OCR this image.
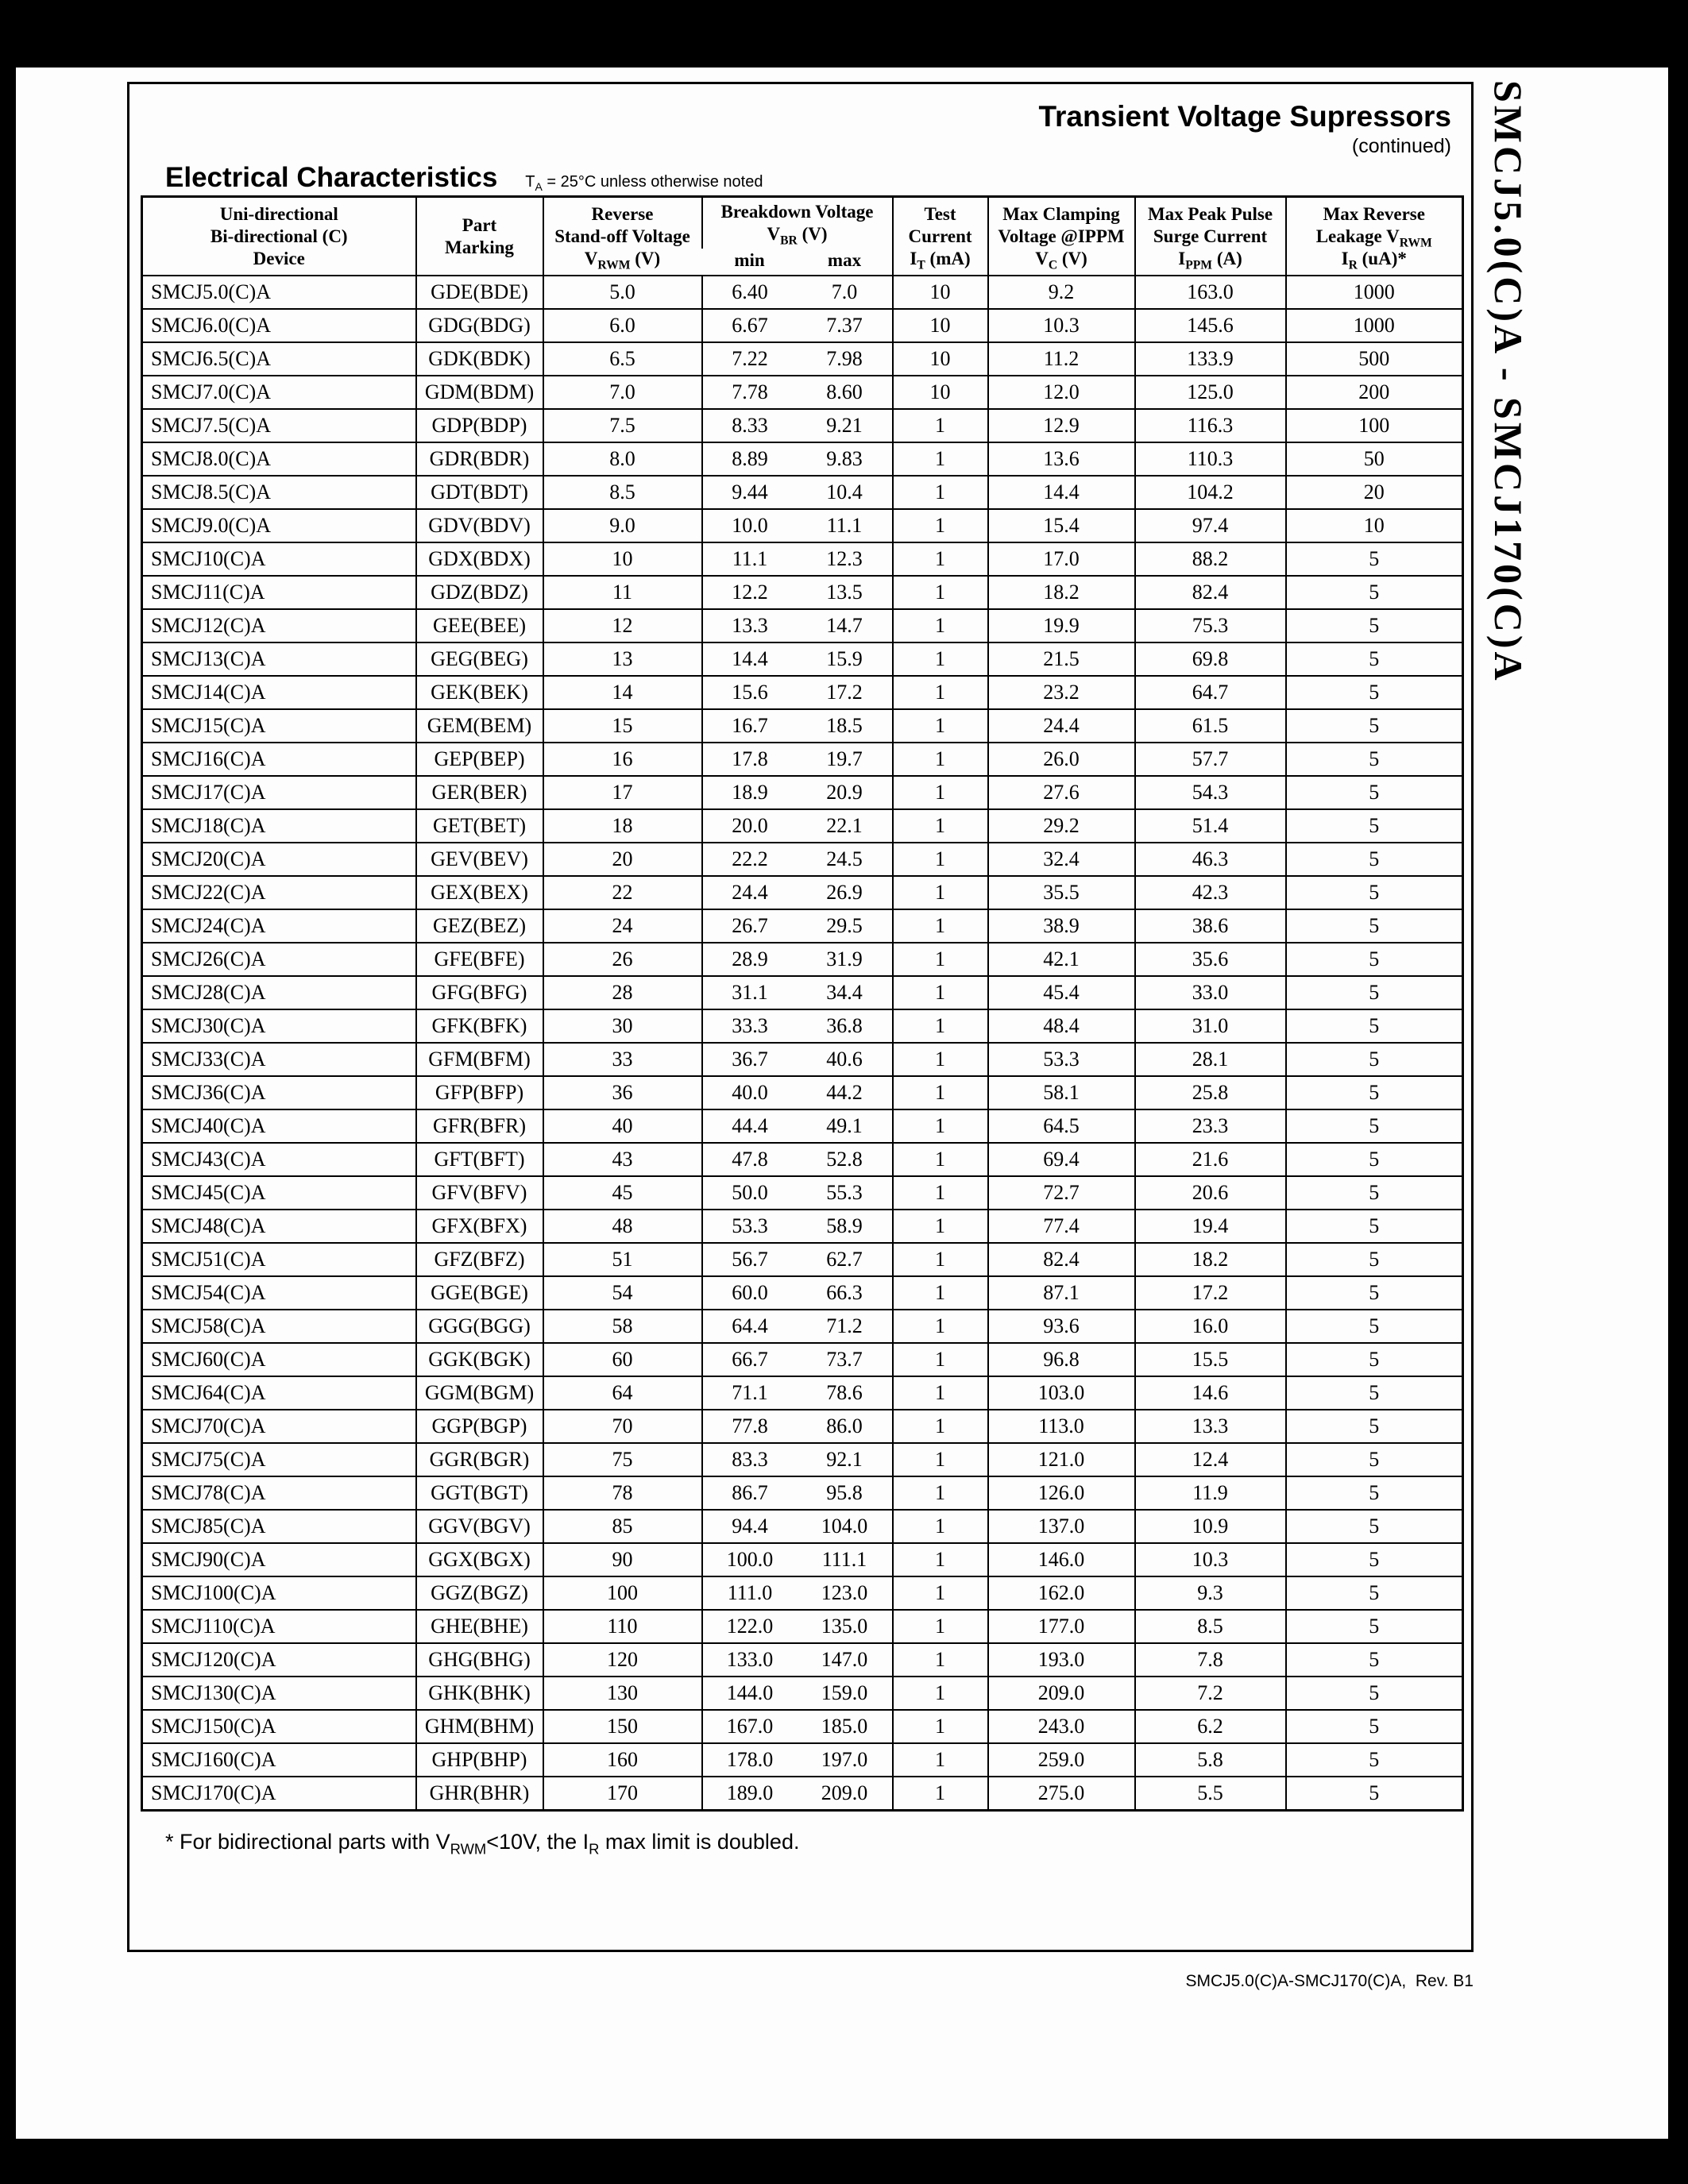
Transient Voltage Supressors
(continued)
Electrical Characteristics $T_A = 25^\circ C$ unless otherwise noted
Uni-directional
Bi-directional (C)
Device

Part
Marking

Reverse
Stand-off Voltage
$V_{RWM}$ (V)

Breakdown Voltage
$V_{BR}$ (V)

Test
Current
$I_T$ (mA)

Max Clamping
Voltage @IPPM
$V_C$ (V)

Max Peak Pulse
Surge Current
$I_{PPM}$ (A)

Max Reverse
Leakage $V_{RWM}$
$I_R$ (uA)*

			min	max				
SMCJ5.0(C)A	GDE(BDE)	5.0	6.40	7.0	10	9.2	163.0	1000
SMCJ6.0(C)A	GDG(BDG)	6.0	6.67	7.37	10	10.3	145.6	1000
SMCJ6.5(C)A	GDK(BDK)	6.5	7.22	7.98	10	11.2	133.9	500
SMCJ7.0(C)A	GDM(BDM)	7.0	7.78	8.60	10	12.0	125.0	200
SMCJ7.5(C)A	GDP(BDP)	7.5	8.33	9.21	1	12.9	116.3	100
SMCJ8.0(C)A	GDR(BDR)	8.0	8.89	9.83	1	13.6	110.3	50
SMCJ8.5(C)A	GDT(BDT)	8.5	9.44	10.4	1	14.4	104.2	20
SMCJ9.0(C)A	GDV(BDV)	9.0	10.0	11.1	1	15.4	97.4	10
SMCJ10(C)A	GDX(BDX)	10	11.1	12.3	1	17.0	88.2	5
SMCJ11(C)A	GDZ(BDZ)	11	12.2	13.5	1	18.2	82.4	5
SMCJ12(C)A	GEE(BEE)	12	13.3	14.7	1	19.9	75.3	5
SMCJ13(C)A	GEG(BEG)	13	14.4	15.9	1	21.5	69.8	5
SMCJ14(C)A	GEK(BEK)	14	15.6	17.2	1	23.2	64.7	5
SMCJ15(C)A	GEM(BEM)	15	16.7	18.5	1	24.4	61.5	5
SMCJ16(C)A	GEP(BEP)	16	17.8	19.7	1	26.0	57.7	5
SMCJ17(C)A	GER(BER)	17	18.9	20.9	1	27.6	54.3	5
SMCJ18(C)A	GET(BET)	18	20.0	22.1	1	29.2	51.4	5
SMCJ20(C)A	GEV(BEV)	20	22.2	24.5	1	32.4	46.3	5
SMCJ22(C)A	GEX(BEX)	22	24.4	26.9	1	35.5	42.3	5
SMCJ24(C)A	GEZ(BEZ)	24	26.7	29.5	1	38.9	38.6	5
SMCJ26(C)A	GFE(BFE)	26	28.9	31.9	1	42.1	35.6	5
SMCJ28(C)A	GFG(BFG)	28	31.1	34.4	1	45.4	33.0	5
SMCJ30(C)A	GFK(BFK)	30	33.3	36.8	1	48.4	31.0	5
SMCJ33(C)A	GFM(BFM)	33	36.7	40.6	1	53.3	28.1	5
SMCJ36(C)A	GFP(BFP)	36	40.0	44.2	1	58.1	25.8	5
SMCJ40(C)A	GFR(BFR)	40	44.4	49.1	1	64.5	23.3	5
SMCJ43(C)A	GFT(BFT)	43	47.8	52.8	1	69.4	21.6	5
SMCJ45(C)A	GFV(BFV)	45	50.0	55.3	1	72.7	20.6	5
SMCJ48(C)A	GFX(BFX)	48	53.3	58.9	1	77.4	19.4	5
SMCJ51(C)A	GFZ(BFZ)	51	56.7	62.7	1	82.4	18.2	5
SMCJ54(C)A	GGE(BGE)	54	60.0	66.3	1	87.1	17.2	5
SMCJ58(C)A	GGG(BGG)	58	64.4	71.2	1	93.6	16.0	5
SMCJ60(C)A	GGK(BGK)	60	66.7	73.7	1	96.8	15.5	5
SMCJ64(C)A	GGM(BGM)	64	71.1	78.6	1	103.0	14.6	5
SMCJ70(C)A	GGP(BGP)	70	77.8	86.0	1	113.0	13.3	5
SMCJ75(C)A	GGR(BGR)	75	83.3	92.1	1	121.0	12.4	5
SMCJ78(C)A	GGT(BGT)	78	86.7	95.8	1	126.0	11.9	5
SMCJ85(C)A	GGV(BGV)	85	94.4	104.0	1	137.0	10.9	5
SMCJ90(C)A	GGX(BGX)	90	100.0	111.1	1	146.0	10.3	5
SMCJ100(C)A	GGZ(BGZ)	100	111.0	123.0	1	162.0	9.3	5
SMCJ110(C)A	GHE(BHE)	110	122.0	135.0	1	177.0	8.5	5
SMCJ120(C)A	GHG(BHG)	120	133.0	147.0	1	193.0	7.8	5
SMCJ130(C)A	GHK(BHK)	130	144.0	159.0	1	209.0	7.2	5
SMCJ150(C)A	GHM(BHM)	150	167.0	185.0	1	243.0	6.2	5
SMCJ160(C)A	GHP(BHP)	160	178.0	197.0	1	259.0	5.8	5
SMCJ170(C)A	GHR(BHR)	170	189.0	209.0	1	275.0	5.5	5
* For bidirectional parts with $V_{RWM}<10V$, the $I_R$ max limit is doubled.
SMCJ5.0(C)A - SMCJ170(C)A
SMCJ5.0(C)A-SMCJ170(C)A,  Rev. B1
